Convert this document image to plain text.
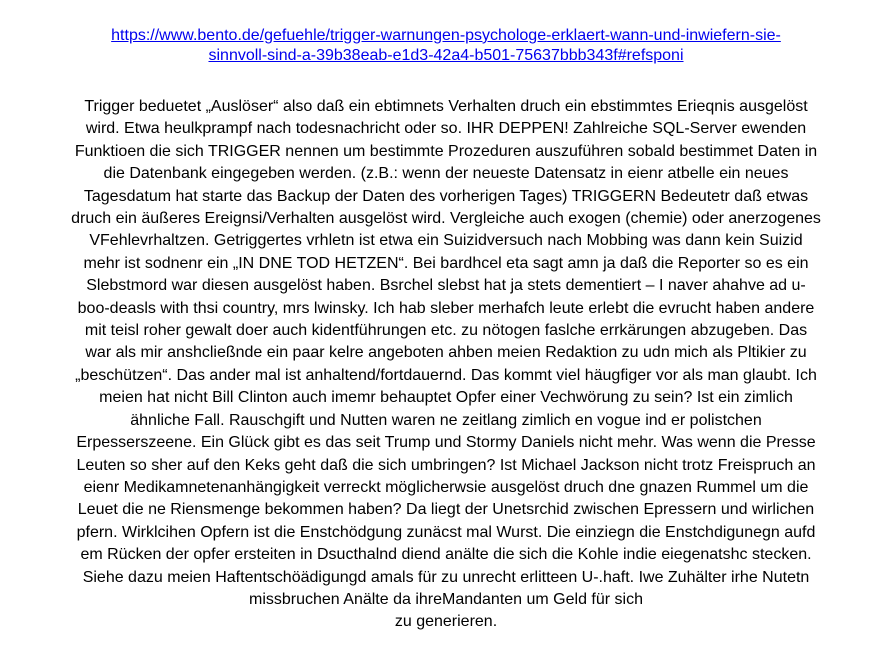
https://www.bento.de/gefuehle/trigger-warnungen-psychologe-erklaert-wann-und-inwiefern-sie-
sinnvoll-sind-a-39b38eab-e1d3-42a4-b501-75637bbb343f#refsponi
Trigger beduetet „Auslöser“ also daß ein ebtimnets Verhalten druch ein ebstimmtes Erieqnis ausgelöst
wird. Etwa heulkprampf nach todesnachricht oder so. IHR DEPPEN! Zahlreiche SQL-Server ewenden
Funktioen die sich TRIGGER nennen um bestimmte Prozeduren auszuführen sobald bestimmet Daten in
die Datenbank eingegeben werden. (z.B.: wenn der neueste Datensatz in eienr atbelle ein neues
Tagesdatum hat starte das Backup der Daten des vorherigen Tages) TRIGGERN Bedeutetr daß etwas
druch ein äußeres Ereignsi/Verhalten ausgelöst wird. Vergleiche auch exogen (chemie) oder anerzogenes
VFehlevrhaltzen. Getriggertes vrhletn ist etwa ein Suizidversuch nach Mobbing was dann kein Suizid
mehr ist sodnenr ein „IN DNE TOD HETZEN“. Bei bardhcel eta sagt amn ja daß die Reporter so es ein
Slebstmord war diesen ausgelöst haben. Bsrchel slebst hat ja stets dementiert – I naver ahahve ad u-
boo-deasls with thsi country, mrs lwinsky. Ich hab sleber merhafch leute erlebt die evrucht haben andere
mit teisl roher gewalt doer auch kidentführungen etc. zu nötogen faslche errkärungen abzugeben. Das
war als mir anshcließnde ein paar kelre angeboten ahben meien Redaktion zu udn mich als Pltikier zu
„beschützen“. Das ander mal ist anhaltend/fortdauernd. Das kommt viel häugfiger vor als man glaubt. Ich
meien hat nicht Bill Clinton auch imemr behauptet Opfer einer Vechwörung zu sein? Ist ein zimlich
ähnliche Fall. Rauschgift und Nutten waren ne zeitlang zimlich en vogue ind er polistchen
Erpesserszeene. Ein Glück gibt es das seit Trump und Stormy Daniels nicht mehr. Was wenn die Presse
Leuten so sher auf den Keks geht daß die sich umbringen? Ist Michael Jackson nicht trotz Freispruch an
eienr Medikamnetenanhängigkeit verreckt möglicherwsie ausgelöst druch dne gnazen Rummel um die
Leuet die ne Riensmenge bekommen haben? Da liegt der Unetsrchid zwischen Epressern und wirlichen
pfern. Wirklcihen Opfern ist die Enstchödgung zunäcst mal Wurst. Die einziegn die Enstchdigunegn aufd
em Rücken der opfer ersteiten in Dsucthalnd diend anälte die sich die Kohle indie eiegenatshc stecken.
Siehe dazu meien Haftentschöädigungd amals für zu unrecht erlitteen U-.haft. Iwe Zuhälter irhe Nutetn
missbruchen Anälte da ihreMandanten um Geld für sich
zu generieren.
